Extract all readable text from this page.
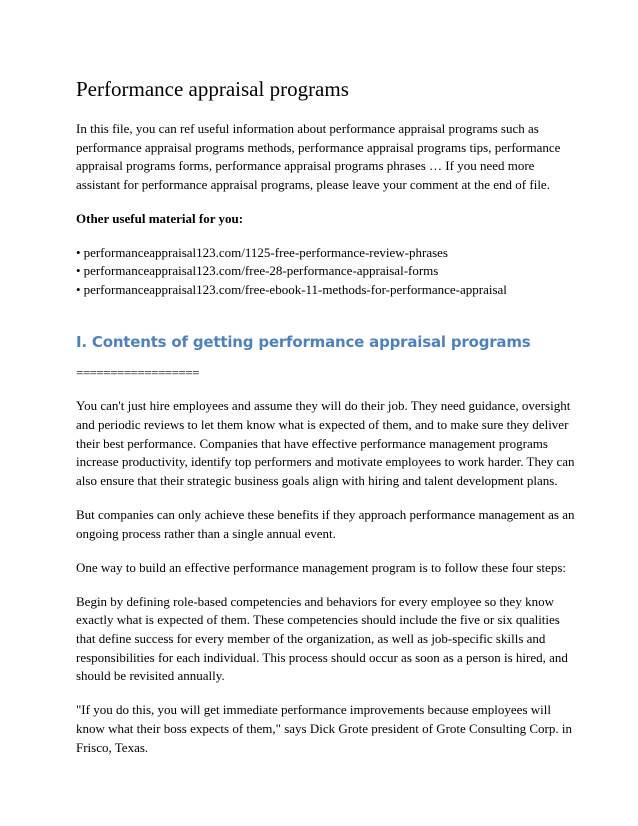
Performance appraisal programs

In this file, you can ref useful information about performance appraisal programs such as performance appraisal programs methods, performance appraisal programs tips, performance appraisal programs forms, performance appraisal programs phrases … If you need more assistant for performance appraisal programs, please leave your comment at the end of file.

Other useful material for you:

• performanceappraisal123.com/1125-free-performance-review-phrases
• performanceappraisal123.com/free-28-performance-appraisal-forms
• performanceappraisal123.com/free-ebook-11-methods-for-performance-appraisal
I. Contents of getting performance appraisal programs
==================

You can't just hire employees and assume they will do their job. They need guidance, oversight and periodic reviews to let them know what is expected of them, and to make sure they deliver their best performance. Companies that have effective performance management programs increase productivity, identify top performers and motivate employees to work harder. They can also ensure that their strategic business goals align with hiring and talent development plans.

But companies can only achieve these benefits if they approach performance management as an ongoing process rather than a single annual event.

One way to build an effective performance management program is to follow these four steps:

Begin by defining role-based competencies and behaviors for every employee so they know exactly what is expected of them. These competencies should include the five or six qualities that define success for every member of the organization, as well as job-specific skills and responsibilities for each individual. This process should occur as soon as a person is hired, and should be revisited annually.

"If you do this, you will get immediate performance improvements because employees will know what their boss expects of them," says Dick Grote president of Grote Consulting Corp. in Frisco, Texas.
